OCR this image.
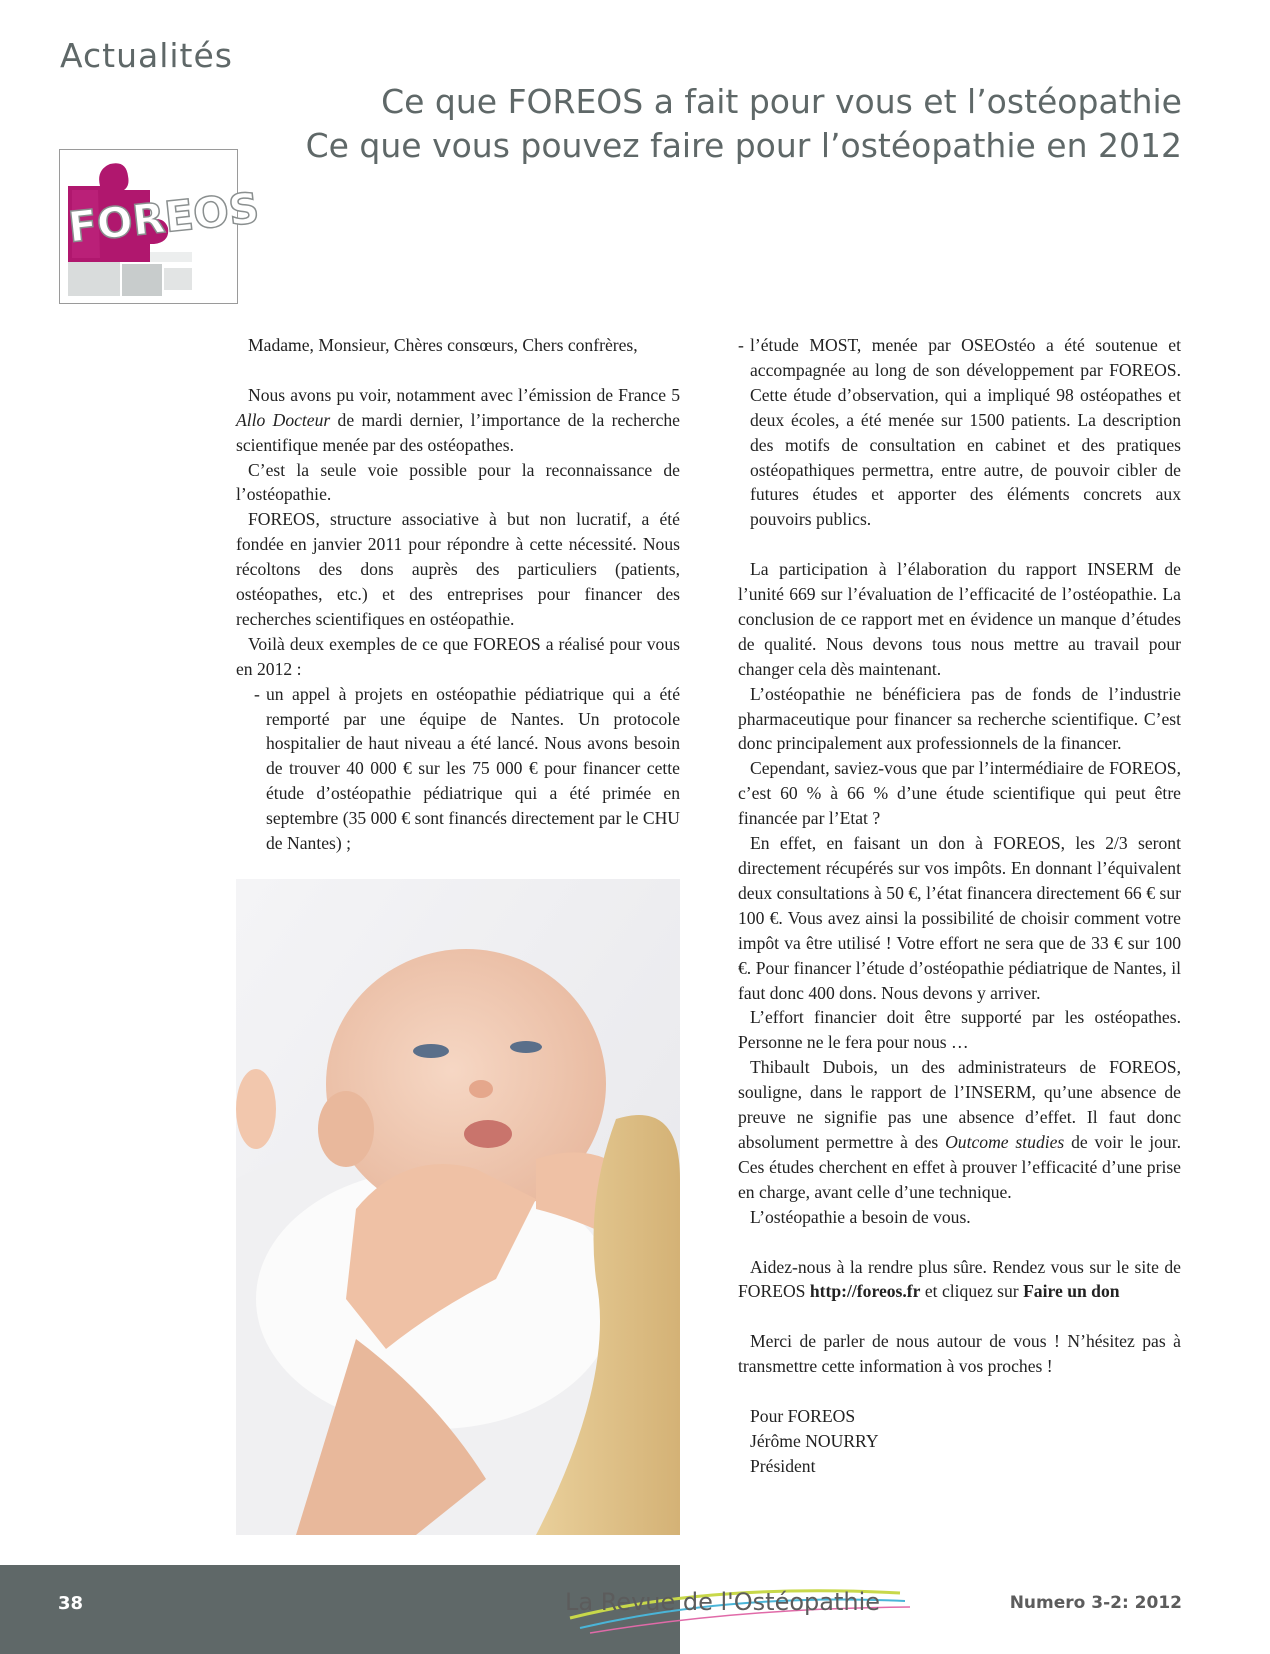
Actualités
Ce que FOREOS a fait pour vous et l’ostéopathie
Ce que vous pouvez faire pour l’ostéopathie en 2012
FOREOS

Madame, Monsieur, Chères consœurs, Chers confrères,

Nous avons pu voir, notamment avec l’émission de France 5 Allo Docteur de mardi dernier, l’importance de la recherche scientifique menée par des ostéopathes.

C’est la seule voie possible pour la reconnaissance de l’ostéopathie.

FOREOS, structure associative à but non lucratif, a été fondée en janvier 2011 pour répondre à cette nécessité. Nous récoltons des dons auprès des particuliers (patients, ostéopathes, etc.) et des entreprises pour financer des recherches scientifiques en ostéopathie.

Voilà deux exemples de ce que FOREOS a réalisé pour vous en 2012 :

- un appel à projets en ostéopathie pédiatrique qui a été remporté par une équipe de Nantes. Un protocole hospitalier de haut niveau a été lancé. Nous avons besoin de trouver 40 000 € sur les 75 000 € pour financer cette étude d’ostéopathie pédiatrique qui a été primée en septembre (35 000 € sont financés directement par le CHU de Nantes) ;

- l’étude MOST, menée par OSEOstéo a été soutenue et accompagnée au long de son développement par FOREOS. Cette étude d’observation, qui a impliqué 98 ostéopathes et deux écoles, a été menée sur 1500 patients. La description des motifs de consultation en cabinet et des pratiques ostéopathiques permettra, entre autre, de pouvoir cibler de futures études et apporter des éléments concrets aux pouvoirs publics.

La participation à l’élaboration du rapport INSERM de l’unité 669 sur l’évaluation de l’efficacité de l’ostéopathie. La conclusion de ce rapport met en évidence un manque d’études de qualité. Nous devons tous nous mettre au travail pour changer cela dès maintenant.

L’ostéopathie ne bénéficiera pas de fonds de l’industrie pharmaceutique pour financer sa recherche scientifique. C’est donc principalement aux professionnels de la financer.

Cependant, saviez-vous que par l’intermédiaire de FOREOS, c’est 60 % à 66 % d’une étude scientifique qui peut être financée par l’Etat ?

En effet, en faisant un don à FOREOS, les 2/3 seront directement récupérés sur vos impôts. En donnant l’équivalent deux consultations à 50 €, l’état financera directement 66 € sur 100 €. Vous avez ainsi la possibilité de choisir comment votre impôt va être utilisé ! Votre effort ne sera que de 33 € sur 100 €. Pour financer l’étude d’ostéopathie pédiatrique de Nantes, il faut donc 400 dons. Nous devons y arriver.

L’effort financier doit être supporté par les ostéopathes. Personne ne le fera pour nous …

Thibault Dubois, un des administrateurs de FOREOS, souligne, dans le rapport de l’INSERM, qu’une absence de preuve ne signifie pas une absence d’effet. Il faut donc absolument permettre à des Outcome studies de voir le jour. Ces études cherchent en effet à prouver l’efficacité d’une prise en charge, avant celle d’une technique.

L’ostéopathie a besoin de vous.

Aidez-nous à la rendre plus sûre. Rendez vous sur le site de FOREOS http://foreos.fr et cliquez sur Faire un don

Merci de parler de nous autour de vous ! N’hésitez pas à transmettre cette information à vos proches !

Pour FOREOS

Jérôme NOURRY

Président

38	La Revue de l'Ostéopathie	Numero 3-2: 2012
